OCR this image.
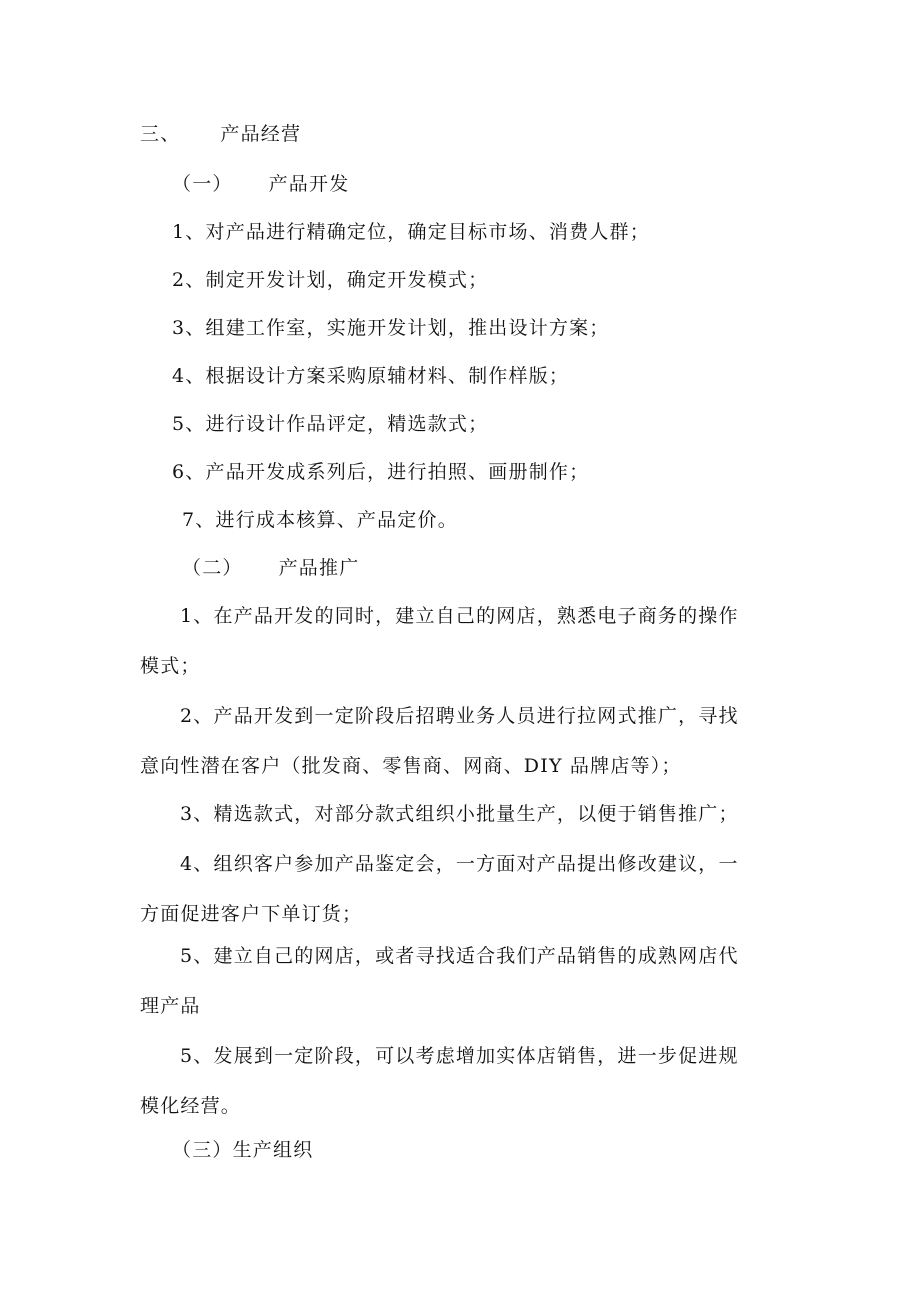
三、 产品经营
（一） 产品开发
1、对产品进行精确定位，确定目标市场、消费人群；
2、制定开发计划，确定开发模式；
3、组建工作室，实施开发计划，推出设计方案；
4、根据设计方案采购原辅材料、制作样版；
5、进行设计作品评定，精选款式；
6、产品开发成系列后，进行拍照、画册制作；
7、进行成本核算、产品定价。
（二） 产品推广
1、在产品开发的同时，建立自己的网店，熟悉电子商务的操作
模式；
2、产品开发到一定阶段后招聘业务人员进行拉网式推广，寻找
意向性潜在客户（批发商、零售商、网商、DIY 品牌店等）；
3、精选款式，对部分款式组织小批量生产，以便于销售推广；
4、组织客户参加产品鉴定会，一方面对产品提出修改建议，一
方面促进客户下单订货；
5、建立自己的网店，或者寻找适合我们产品销售的成熟网店代
理产品
5、发展到一定阶段，可以考虑增加实体店销售，进一步促进规
模化经营。
（三）生产组织
